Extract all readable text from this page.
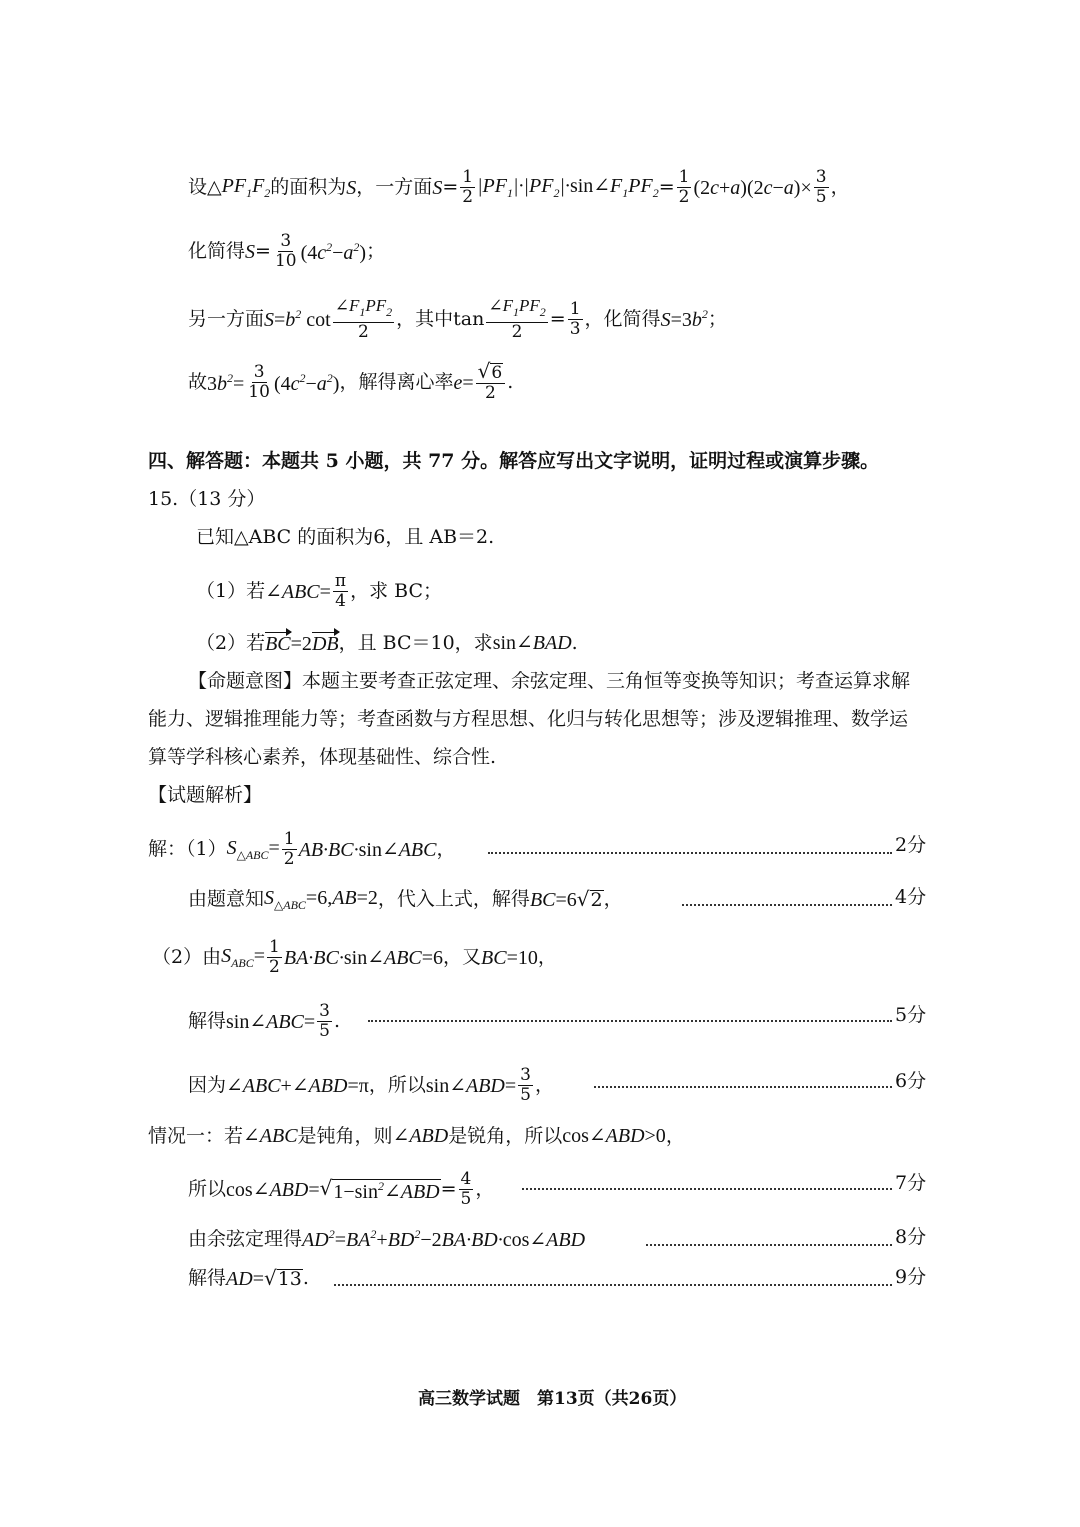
设△ $PF_1F_2$ 的面积为 S ，一方面 $S = \frac{1}{2}$ $|PF_1|\cdot|PF_2|\cdot\sin\angle F_1PF_2 = \frac{1}{2} (2c+a)(2c-a)\times \frac{3}{5}$ ，
化简得 $S = \frac{3}{10} (4c^2-a^2)$ ；
另一方面 $S=b^2$ $\cot \frac{\angle F_1PF_2}{2}$ ，其中 $\tan \frac{\angle F_1PF_2}{2} = \frac{1}{3}$ ，化简得 $S=3b^2$ ；
故 $3b^2= \frac{3}{10} (4c^2-a^2)$ ，解得离心率 $e= \frac{√ 6}{2}$ .
四、解答题：本题共 5 小题，共 77 分。解答应写出文字说明，证明过程或演算步骤。
15.（13 分）
已知△ABC 的面积为6，且 AB＝2.
（1）若 ∠ABC= $\frac{\pi}{4}$ ，求 BC；
（2）若 BC=2DB ，且 BC＝10，求 sin∠BAD .
【命题意图】本题主要考查正弦定理、余弦定理、三角恒等变换等知识；考查运算求解
能力、逻辑推理能力等；考查函数与方程思想、化归与转化思想等；涉及逻辑推理、数学运
算等学科核心素养，体现基础性、综合性.
【试题解析】
解：（1） $S_{\triangle ABC}= \frac{1}{2}$ AB·BC·sin∠ABC ，	2分
由题意知 $S_{\triangle ABC}=6,AB=2$ ，代入上式，解得 BC=6 √ 2 ，	4分
（2）由 $S_{ABC}= \frac{1}{2}$ BA·BC·sin∠ABC=6 ，又 BC=10 ，
解得 sin∠ABC= $\frac{3}{5}$ .	5分
因为 ∠ABC+∠ABD=π ，所以 sin∠ABD= $\frac{3}{5}$ ，	6分
情况一：若 ∠ABC 是钝角，则 ∠ABD 是锐角，所以 cos∠ABD>0 ，
所以 cos∠ABD= √ $1-\sin^2\angle ABD = \frac{4}{5}$ ，	7分
由余弦定理得 $AD^2=BA^2+BD^2-2BA\cdot BD\cdot\cos\angle ABD$	8分
解得 AD= √ 13 .	9分
高三数学试题　第13页（共26页）
